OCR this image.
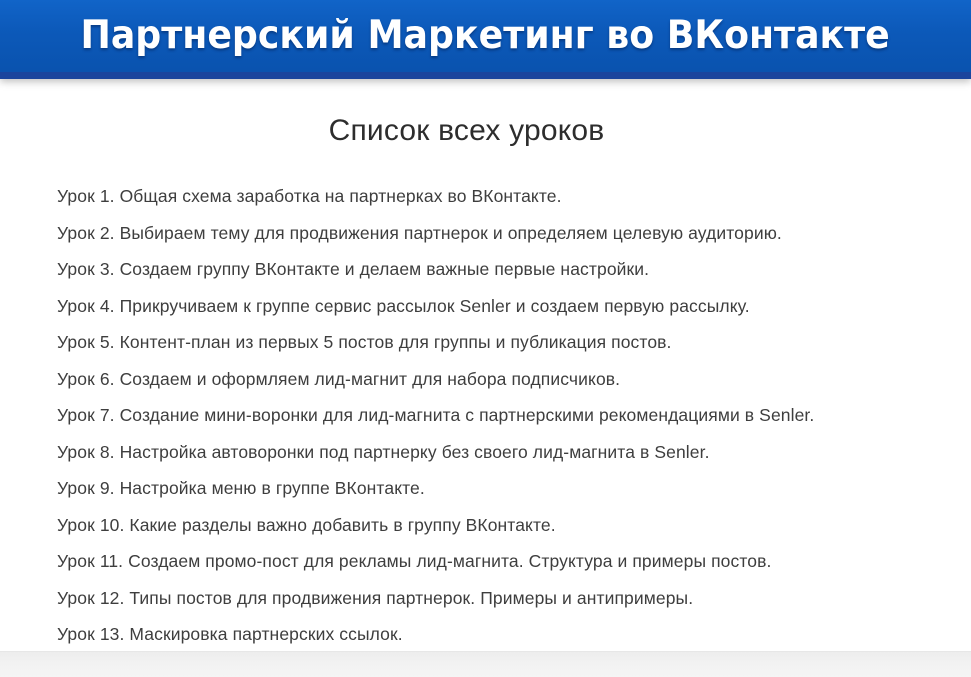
Партнерский Маркетинг во ВКонтакте
Список всех уроков
Урок 1. Общая схема заработка на партнерках во ВКонтакте.
Урок 2. Выбираем тему для продвижения партнерок и определяем целевую аудиторию.
Урок 3. Создаем группу ВКонтакте и делаем важные первые настройки.
Урок 4. Прикручиваем к группе сервис рассылок Senler и создаем первую рассылку.
Урок 5. Контент-план из первых 5 постов для группы и публикация постов.
Урок 6. Создаем и оформляем лид-магнит для набора подписчиков.
Урок 7. Создание мини-воронки для лид-магнита с партнерскими рекомендациями в Senler.
Урок 8. Настройка автоворонки под партнерку без своего лид-магнита в Senler.
Урок 9. Настройка меню в группе ВКонтакте.
Урок 10. Какие разделы важно добавить в группу ВКонтакте.
Урок 11. Создаем промо-пост для рекламы лид-магнита. Структура и примеры постов.
Урок 12. Типы постов для продвижения партнерок. Примеры и антипримеры.
Урок 13. Маскировка партнерских ссылок.
